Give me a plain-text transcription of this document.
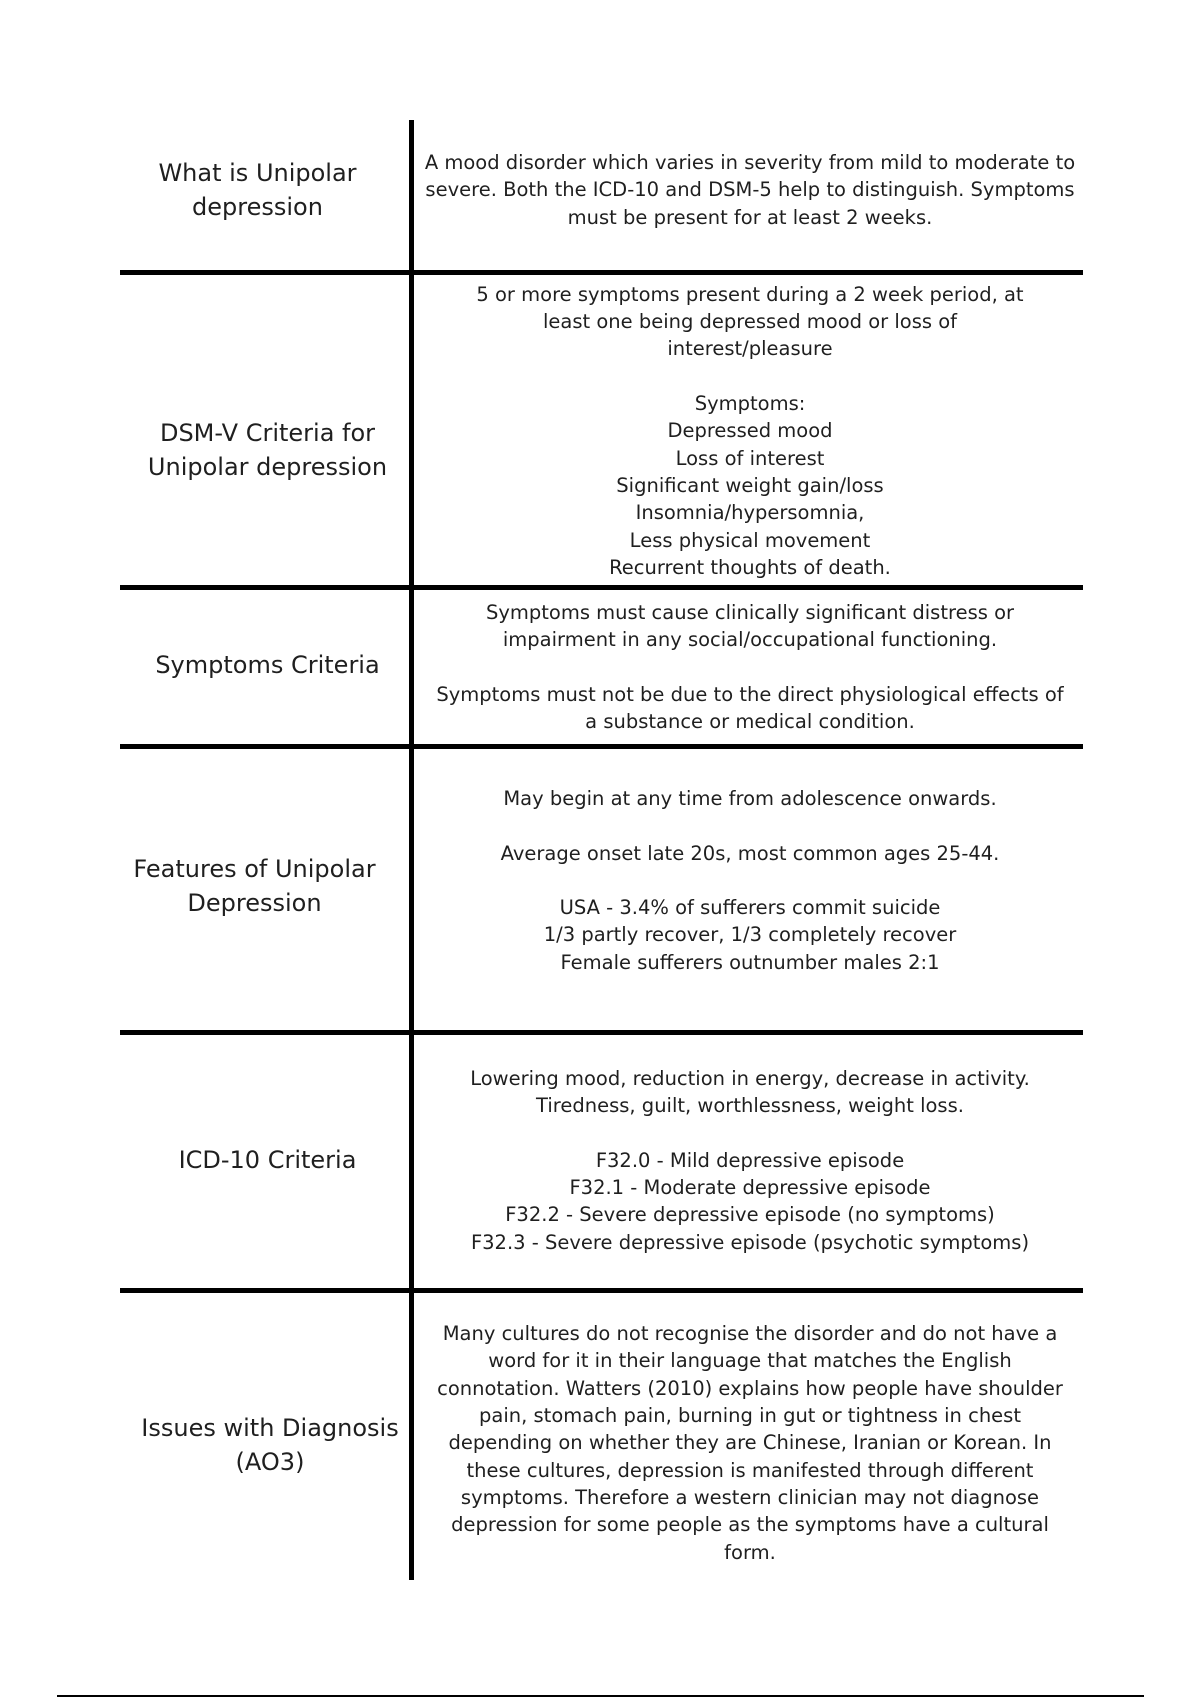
What is Unipolar
depression
A mood disorder which varies in severity from mild to moderate to
severe. Both the ICD-10 and DSM-5 help to distinguish. Symptoms
must be present for at least 2 weeks.
DSM-V Criteria for
Unipolar depression
5 or more symptoms present during a 2 week period, at
least one being depressed mood or loss of
interest/pleasure
Symptoms:
Depressed mood
Loss of interest
Significant weight gain/loss
Insomnia/hypersomnia,
Less physical movement
Recurrent thoughts of death.
Symptoms Criteria
Symptoms must cause clinically significant distress or
impairment in any social/occupational functioning.
Symptoms must not be due to the direct physiological effects of
a substance or medical condition.
Features of Unipolar
Depression
May begin at any time from adolescence onwards.
Average onset late 20s, most common ages 25-44.
USA - 3.4% of sufferers commit suicide
1/3 partly recover, 1/3 completely recover
Female sufferers outnumber males 2:1
ICD-10 Criteria
Lowering mood, reduction in energy, decrease in activity.
Tiredness, guilt, worthlessness, weight loss.
F32.0 - Mild depressive episode
F32.1 - Moderate depressive episode
F32.2 - Severe depressive episode (no symptoms)
F32.3 - Severe depressive episode (psychotic symptoms)
Issues with Diagnosis
(AO3)
Many cultures do not recognise the disorder and do not have a
word for it in their language that matches the English
connotation. Watters (2010) explains how people have shoulder
pain, stomach pain, burning in gut or tightness in chest
depending on whether they are Chinese, Iranian or Korean. In
these cultures, depression is manifested through different
symptoms. Therefore a western clinician may not diagnose
depression for some people as the symptoms have a cultural
form.
